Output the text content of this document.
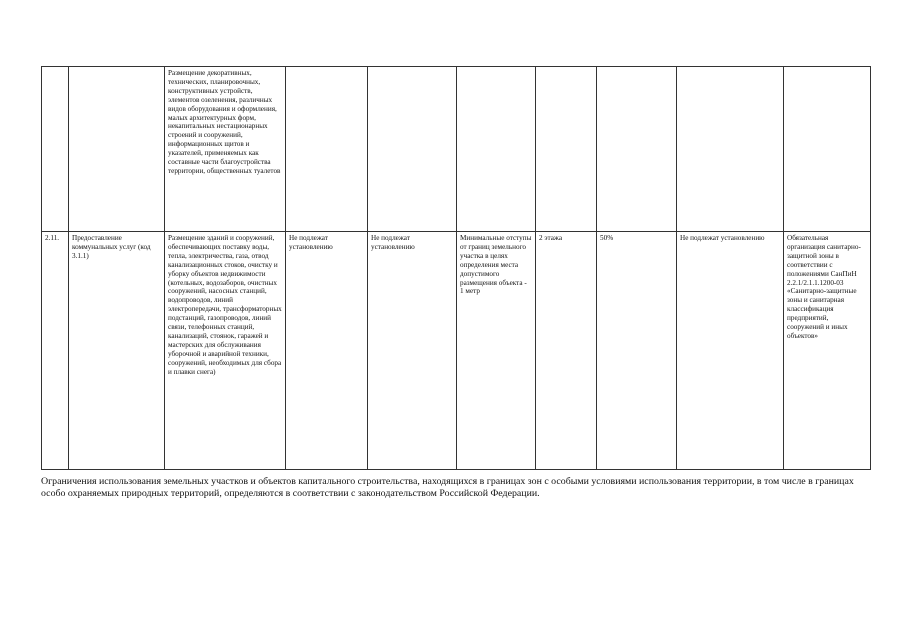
		Размещение декоративных, технических, планировочных, конструктивных устройств, элементов озеленения, различных видов оборудования и оформления, малых архитектурных форм, некапитальных нестационарных строений и сооружений, информационных щитов и указателей, применяемых как составные части благоустройства территории, общественных туалетов							
2.11.	Предоставление коммунальных услуг (код 3.1.1)	Размещение зданий и сооружений, обеспечивающих поставку воды, тепла, электричества, газа, отвод канализационных стоков, очистку и уборку объектов недвижимости (котельных, водозаборов, очистных сооружений, насосных станций, водопроводов, линий электропередачи, трансформаторных подстанций, газопроводов, линий связи, телефонных станций, канализаций, стоянок, гаражей и мастерских для обслуживания уборочной и аварийной техники, сооружений, необходимых для сбора и плавки снега)	Не подлежат установлению	Не подлежат установлению	Минимальные отступы от границ земельного участка в целях определения места допустимого размещения объекта - 1 метр	2 этажа	50%	Не подлежат установлению	Обязательная организация санитарно-защитной зоны в соответствии с положениями СанПиН 2.2.1/2.1.1.1200-03 «Санитарно-защитные зоны и санитарная классификация предприятий, сооружений и иных объектов»

Ограничения использования земельных участков и объектов капитального строительства, находящихся в границах зон с особыми условиями использования территории, в том числе в границах особо охраняемых природных территорий, определяются в соответствии с законодательством Российской Федерации.
